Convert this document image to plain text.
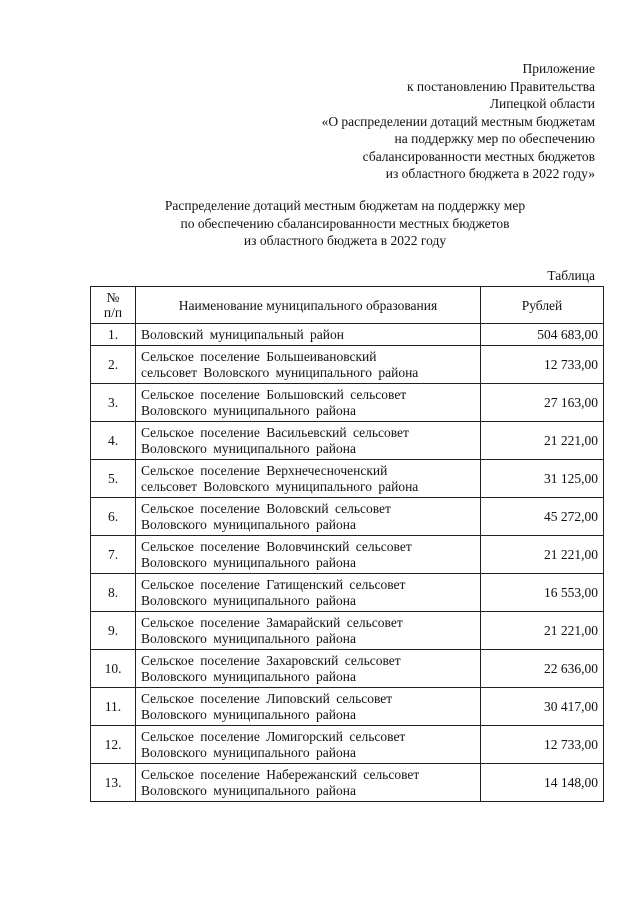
Приложение
к постановлению Правительства
Липецкой области
«О распределении дотаций местным бюджетам
на поддержку мер по обеспечению
сбалансированности местных бюджетов
из областного бюджета в 2022 году»
Распределение дотаций местным бюджетам на поддержку мер
по обеспечению сбалансированности местных бюджетов
из областного бюджета в 2022 году
Таблица
№
п/п	Наименование муниципального образования	Рублей
1.	Воловский муниципальный район	504 683,00
2.	Сельское поселение Большеивановский
сельсовет Воловского муниципального района	12 733,00
3.	Сельское поселение Большовский сельсовет
Воловского муниципального района	27 163,00
4.	Сельское поселение Васильевский сельсовет
Воловского муниципального района	21 221,00
5.	Сельское поселение Верхнечесноченский
сельсовет Воловского муниципального района	31 125,00
6.	Сельское поселение Воловский сельсовет
Воловского муниципального района	45 272,00
7.	Сельское поселение Воловчинский сельсовет
Воловского муниципального района	21 221,00
8.	Сельское поселение Гатищенский сельсовет
Воловского муниципального района	16 553,00
9.	Сельское поселение Замарайский сельсовет
Воловского муниципального района	21 221,00
10.	Сельское поселение Захаровский сельсовет
Воловского муниципального района	22 636,00
11.	Сельское поселение Липовский сельсовет
Воловского муниципального района	30 417,00
12.	Сельское поселение Ломигорский сельсовет
Воловского муниципального района	12 733,00
13.	Сельское поселение Набережанский сельсовет
Воловского муниципального района	14 148,00
